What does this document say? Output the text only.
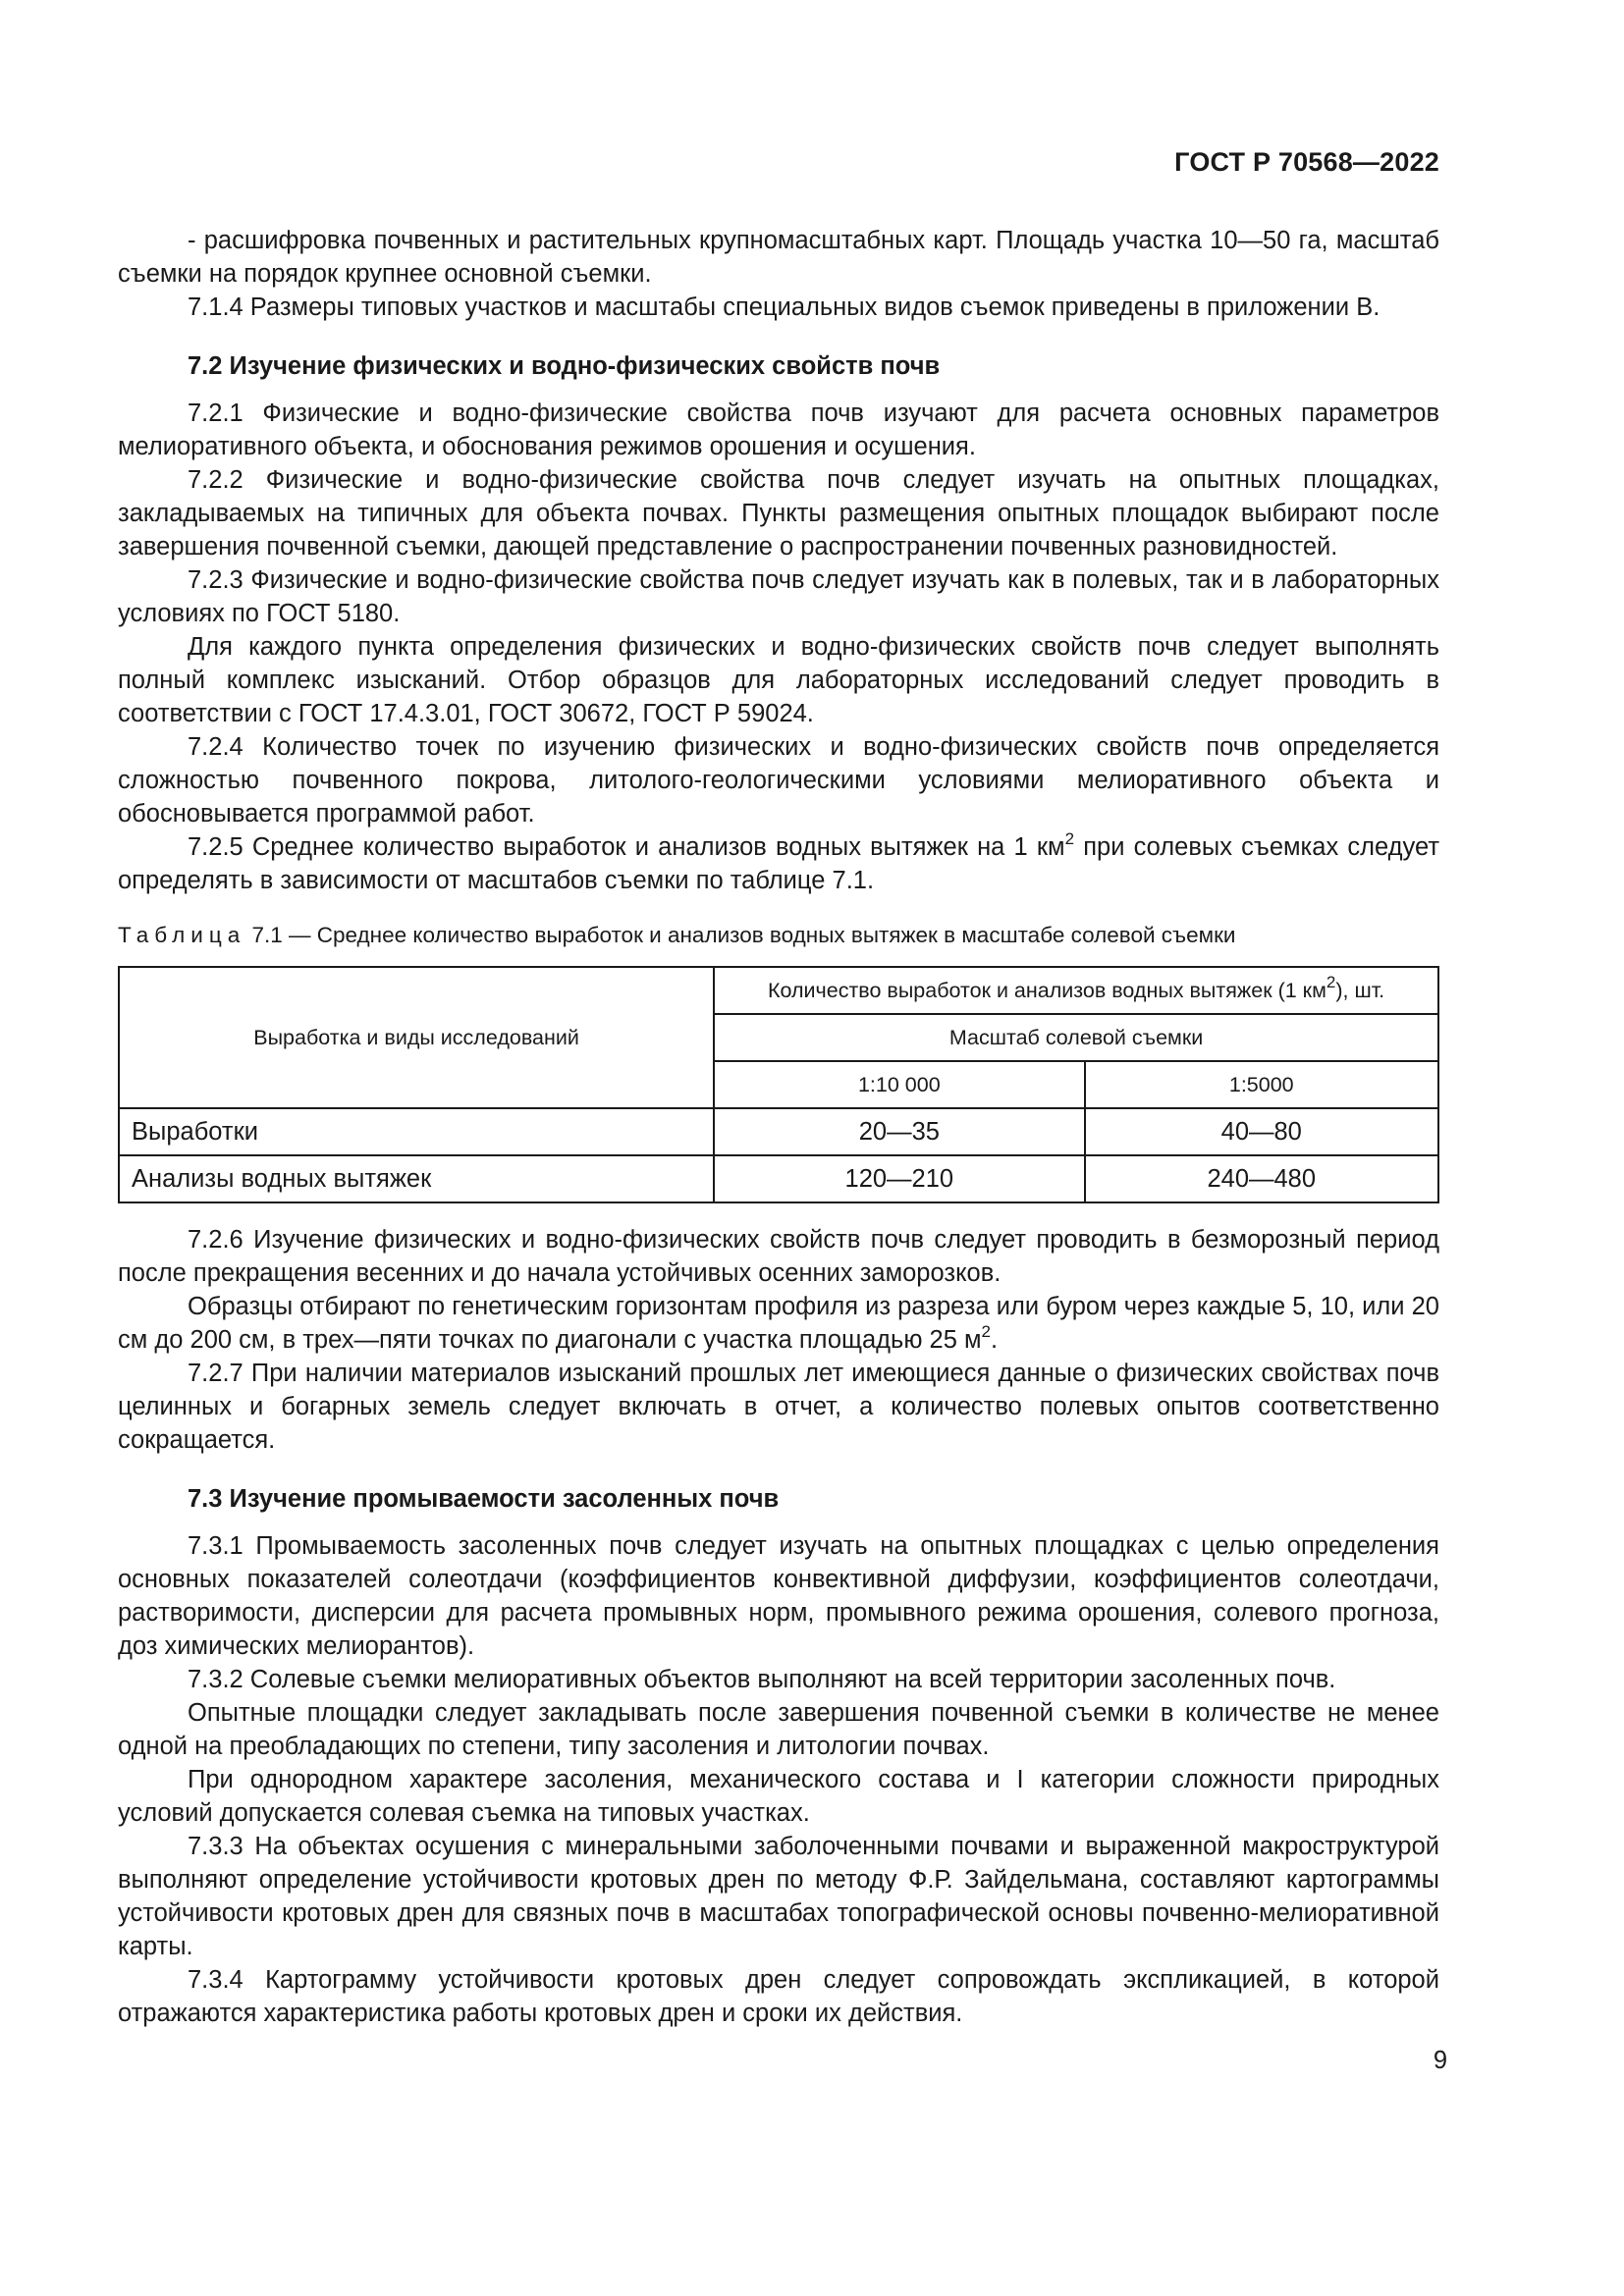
ГОСТ Р 70568—2022

- расшифровка почвенных и растительных крупномасштабных карт. Площадь участка 10—50 га, масштаб съемки на порядок крупнее основной съемки.

7.1.4 Размеры типовых участков и масштабы специальных видов съемок приведены в приложении В.

7.2 Изучение физических и водно-физических свойств почв

7.2.1 Физические и водно-физические свойства почв изучают для расчета основных параметров мелиоративного объекта, и обоснования режимов орошения и осушения.

7.2.2 Физические и водно-физические свойства почв следует изучать на опытных площадках, закладываемых на типичных для объекта почвах. Пункты размещения опытных площадок выбирают после завершения почвенной съемки, дающей представление о распространении почвенных разновидностей.

7.2.3 Физические и водно-физические свойства почв следует изучать как в полевых, так и в лабораторных условиях по ГОСТ 5180.

Для каждого пункта определения физических и водно-физических свойств почв следует выполнять полный комплекс изысканий. Отбор образцов для лабораторных исследований следует проводить в соответствии с ГОСТ 17.4.3.01, ГОСТ 30672, ГОСТ Р 59024.

7.2.4 Количество точек по изучению физических и водно-физических свойств почв определяется сложностью почвенного покрова, литолого-геологическими условиями мелиоративного объекта и обосновывается программой работ.

7.2.5 Среднее количество выработок и анализов водных вытяжек на 1 $км^2$ при солевых съемках следует определять в зависимости от масштабов съемки по таблице 7.1.

Таблица 7.1 — Среднее количество выработок и анализов водных вытяжек в масштабе солевой съемки

Выработка и виды исследований	Количество выработок и анализов водных вытяжек (1 $км^2$), шт.	
	Масштаб солевой съемки	
	1:10 000	1:5000
Выработки	20—35	40—80
Анализы водных вытяжек	120—210	240—480

7.2.6 Изучение физических и водно-физических свойств почв следует проводить в безморозный период после прекращения весенних и до начала устойчивых осенних заморозков.

Образцы отбирают по генетическим горизонтам профиля из разреза или буром через каждые 5, 10, или 20 см до 200 см, в трех—пяти точках по диагонали с участка площадью 25 $м^2$.

7.2.7 При наличии материалов изысканий прошлых лет имеющиеся данные о физических свойствах почв целинных и богарных земель следует включать в отчет, а количество полевых опытов соответственно сокращается.

7.3 Изучение промываемости засоленных почв

7.3.1 Промываемость засоленных почв следует изучать на опытных площадках с целью определения основных показателей солеотдачи (коэффициентов конвективной диффузии, коэффициентов солеотдачи, растворимости, дисперсии для расчета промывных норм, промывного режима орошения, солевого прогноза, доз химических мелиорантов).

7.3.2 Солевые съемки мелиоративных объектов выполняют на всей территории засоленных почв.

Опытные площадки следует закладывать после завершения почвенной съемки в количестве не менее одной на преобладающих по степени, типу засоления и литологии почвах.

При однородном характере засоления, механического состава и I категории сложности природных условий допускается солевая съемка на типовых участках.

7.3.3 На объектах осушения с минеральными заболоченными почвами и выраженной макроструктурой выполняют определение устойчивости кротовых дрен по методу Ф.Р. Зайдельмана, составляют картограммы устойчивости кротовых дрен для связных почв в масштабах топографической основы почвенно-мелиоративной карты.

7.3.4 Картограмму устойчивости кротовых дрен следует сопровождать экспликацией, в которой отражаются характеристика работы кротовых дрен и сроки их действия.

9
